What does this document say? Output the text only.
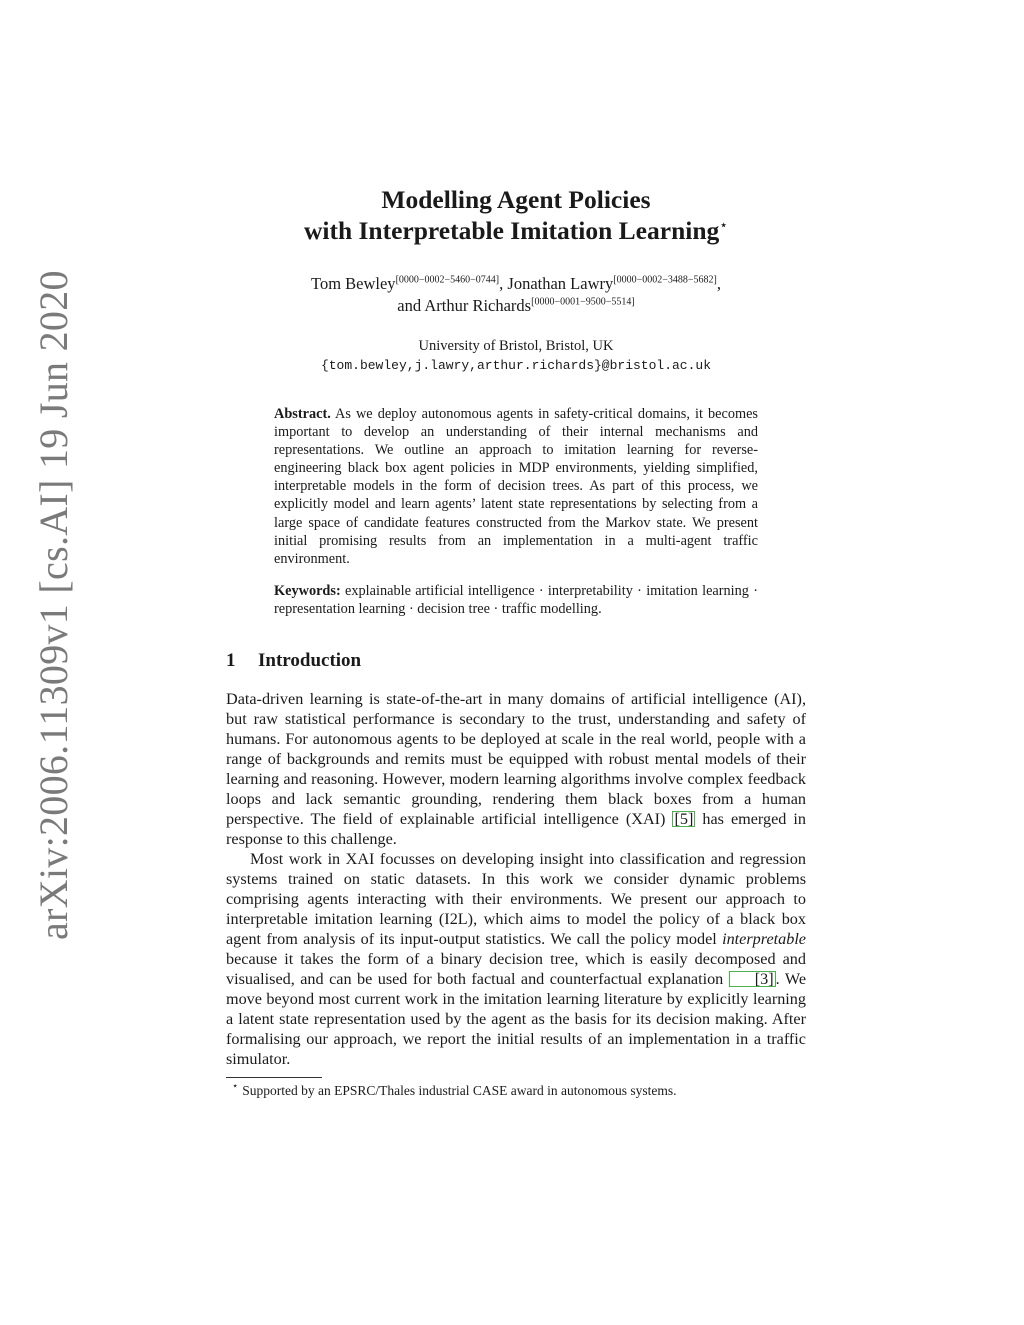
arXiv:2006.11309v1 [cs.AI] 19 Jun 2020
Modelling Agent Policies
with Interpretable Imitation Learning⋆
Tom Bewley[0000−0002−5460−0744], Jonathan Lawry[0000−0002−3488−5682],
and Arthur Richards[0000−0001−9500−5514]
University of Bristol, Bristol, UK
{tom.bewley,j.lawry,arthur.richards}@bristol.ac.uk
Abstract. As we deploy autonomous agents in safety-critical domains, it becomes important to develop an understanding of their internal mechanisms and representations. We outline an approach to imitation learning for reverse-engineering black box agent policies in MDP environments, yielding simplified, interpretable models in the form of decision trees. As part of this process, we explicitly model and learn agents’ latent state representations by selecting from a large space of candidate features constructed from the Markov state. We present initial promising results from an implementation in a multi-agent traffic environment.
Keywords: explainable artificial intelligence · interpretability · imitation learning · representation learning · decision tree · traffic modelling.
1 Introduction

Data-driven learning is state-of-the-art in many domains of artificial intelligence (AI), but raw statistical performance is secondary to the trust, understanding and safety of humans. For autonomous agents to be deployed at scale in the real world, people with a range of backgrounds and remits must be equipped with robust mental models of their learning and reasoning. However, modern learning algorithms involve complex feedback loops and lack semantic grounding, rendering them black boxes from a human perspective. The field of explainable artificial intelligence (XAI) [5] has emerged in response to this challenge.

Most work in XAI focusses on developing insight into classification and regression systems trained on static datasets. In this work we consider dynamic problems comprising agents interacting with their environments. We present our approach to interpretable imitation learning (I2L), which aims to model the policy of a black box agent from analysis of its input-output statistics. We call the policy model interpretable because it takes the form of a binary decision tree, which is easily decomposed and visualised, and can be used for both factual and counterfactual explanation [3] . We move beyond most current work in the imitation learning literature by explicitly learning a latent state representation used by the agent as the basis for its decision making. After formalising our approach, we report the initial results of an implementation in a traffic simulator.

⋆ Supported by an EPSRC/Thales industrial CASE award in autonomous systems.
